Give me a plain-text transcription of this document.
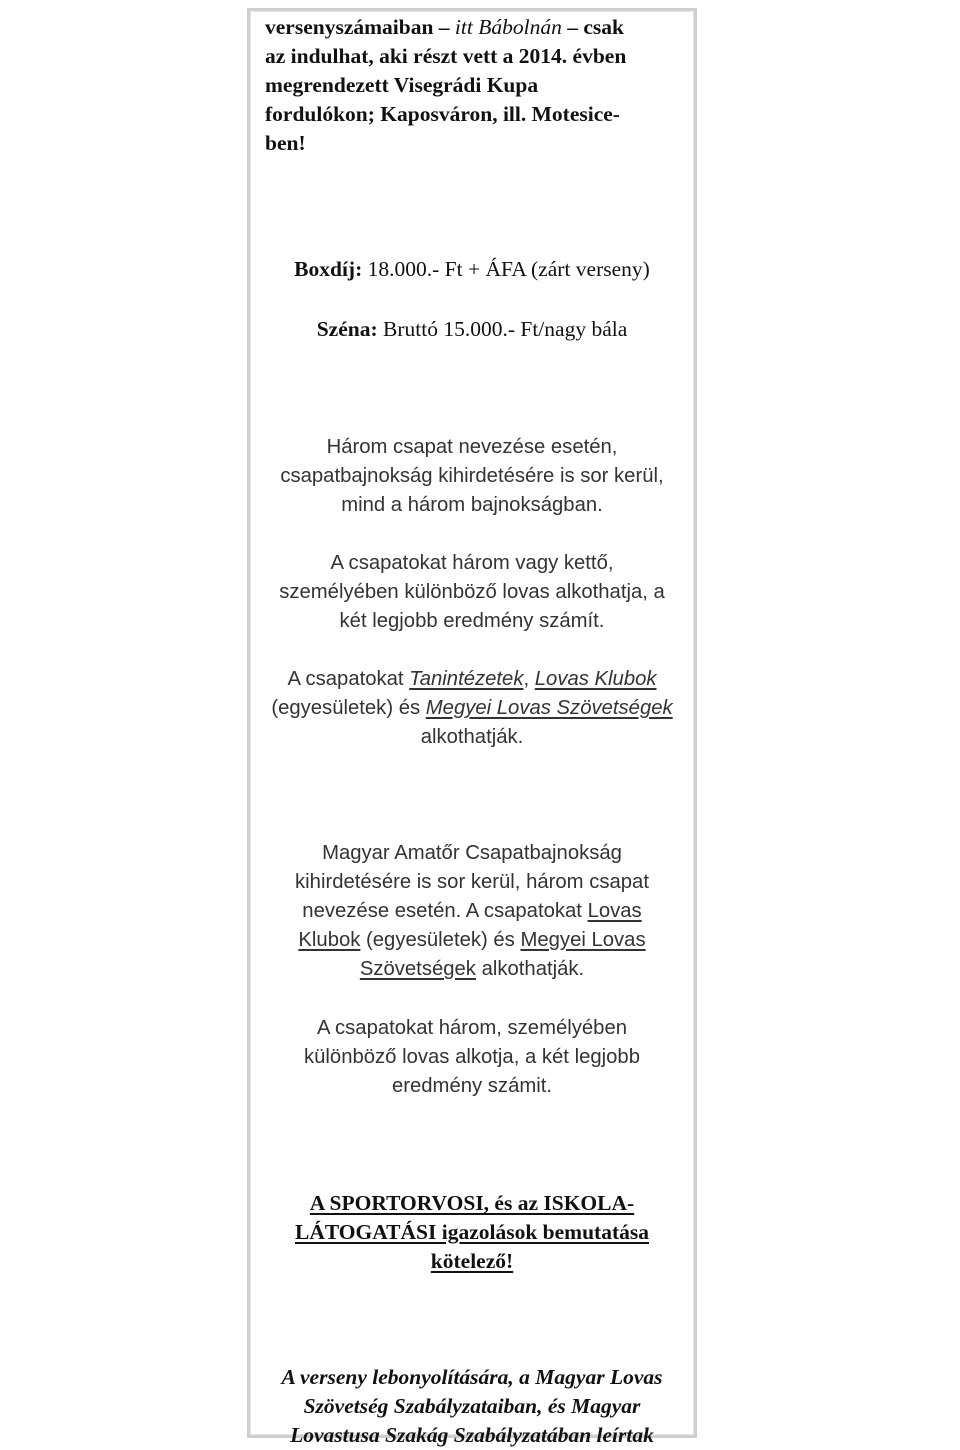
versenyszámaiban – itt Bábolnán – csak
az indulhat, aki részt vett a 2014. évben
megrendezett Visegrádi Kupa
fordulókon; Kaposváron, ill. Motesice-
ben!
Boxdíj: 18.000.- Ft + ÁFA (zárt verseny)
Széna: Bruttó 15.000.- Ft/nagy bála
Három csapat nevezése esetén,
csapatbajnokság kihirdetésére is sor kerül,
mind a három bajnokságban.
A csapatokat három vagy kettő,
személyében különböző lovas alkothatja, a
két legjobb eredmény számít.
A csapatokat Tanintézetek, Lovas Klubok
(egyesületek) és Megyei Lovas Szövetségek
alkothatják.
Magyar Amatőr Csapatbajnokság
kihirdetésére is sor kerül, három csapat
nevezése esetén. A csapatokat Lovas
Klubok (egyesületek) és Megyei Lovas
Szövetségek alkothatják.
A csapatokat három, személyében
különböző lovas alkotja, a két legjobb
eredmény számit.
A SPORTORVOSI, és az ISKOLA-
LÁTOGATÁSI igazolások bemutatása
kötelező!
A verseny lebonyolítására, a Magyar Lovas
Szövetség Szabályzataiban, és Magyar
Lovastusa Szakág Szabályzatában leírtak
